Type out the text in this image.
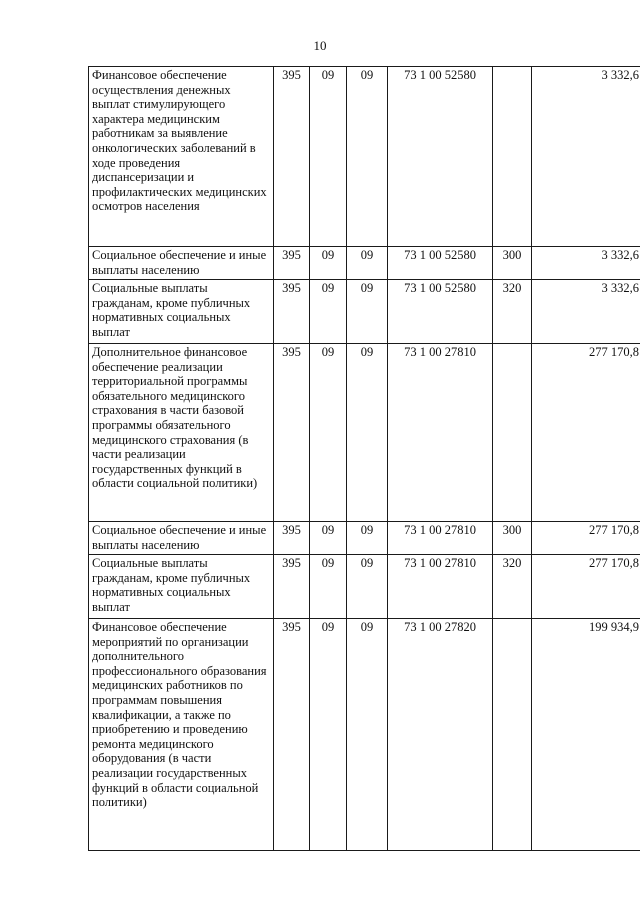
10
Финансовое обеспечение осуществления денежных выплат стимулирующего характера медицинским работникам за выявление онкологических заболеваний в ходе проведения диспансеризации и профилактических медицинских осмотров населения	395	09	09	73 1 00 52580		3 332,6
Социальное обеспечение и иные выплаты населению	395	09	09	73 1 00 52580	300	3 332,6
Социальные выплаты гражданам, кроме публичных нормативных социальных выплат	395	09	09	73 1 00 52580	320	3 332,6
Дополнительное финансовое обеспечение реализации территориальной программы обязательного медицинского страхования в части базовой программы обязательного медицинского страхования (в части реализации государственных функций в области социальной политики)	395	09	09	73 1 00 27810		277 170,8
Социальное обеспечение и иные выплаты населению	395	09	09	73 1 00 27810	300	277 170,8
Социальные выплаты гражданам, кроме публичных нормативных социальных выплат	395	09	09	73 1 00 27810	320	277 170,8
Финансовое обеспечение мероприятий по организации дополнительного профессионального образования медицинских работников по программам повышения квалификации, а также по приобретению и проведению ремонта медицинского оборудования (в части реализации государственных функций в области социальной политики)	395	09	09	73 1 00 27820		199 934,9
